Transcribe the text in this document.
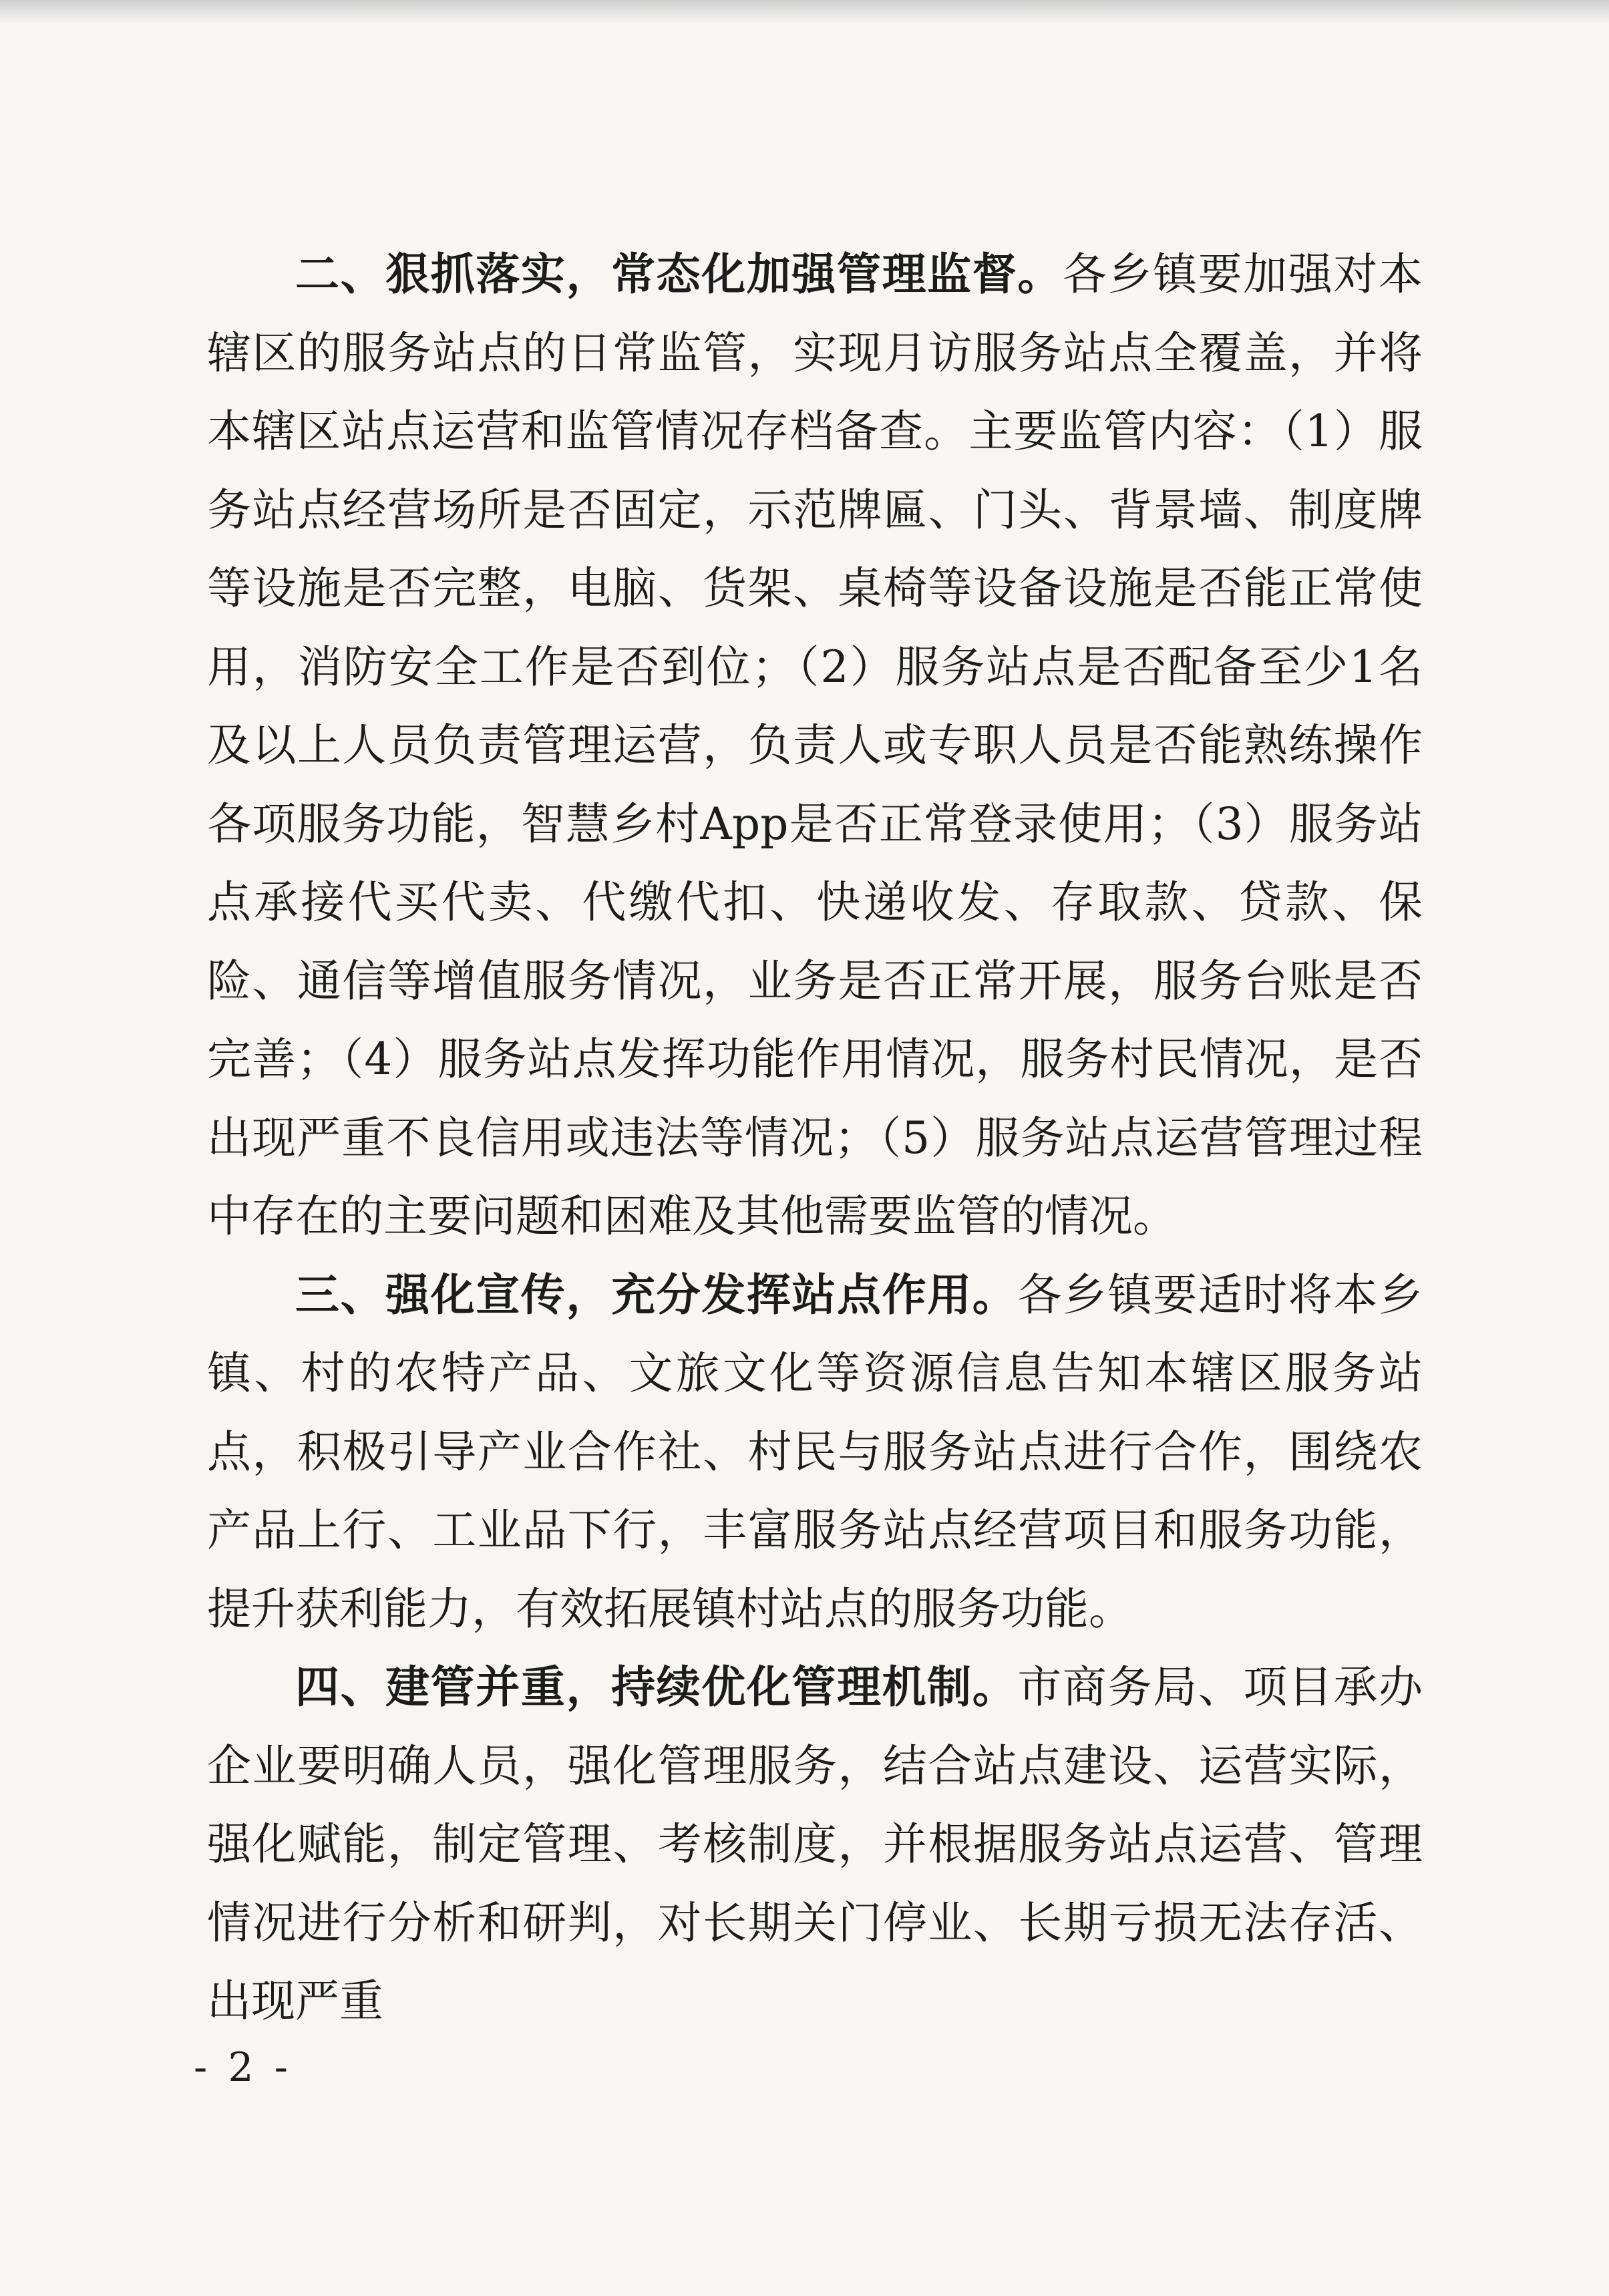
二、狠抓落实，常态化加强管理监督。各乡镇要加强对本辖区的服务站点的日常监管，实现月访服务站点全覆盖，并将本辖区站点运营和监管情况存档备查。主要监管内容：（1）服务站点经营场所是否固定，示范牌匾、门头、背景墙、制度牌等设施是否完整，电脑、货架、桌椅等设备设施是否能正常使用，消防安全工作是否到位；（2）服务站点是否配备至少1名及以上人员负责管理运营，负责人或专职人员是否能熟练操作各项服务功能，智慧乡村App是否正常登录使用；（3）服务站点承接代买代卖、代缴代扣、快递收发、存取款、贷款、保险、通信等增值服务情况，业务是否正常开展，服务台账是否完善；（4）服务站点发挥功能作用情况，服务村民情况，是否出现严重不良信用或违法等情况；（5）服务站点运营管理过程中存在的主要问题和困难及其他需要监管的情况。

三、强化宣传，充分发挥站点作用。各乡镇要适时将本乡镇、村的农特产品、文旅文化等资源信息告知本辖区服务站点，积极引导产业合作社、村民与服务站点进行合作，围绕农产品上行、工业品下行，丰富服务站点经营项目和服务功能，提升获利能力，有效拓展镇村站点的服务功能。

四、建管并重，持续优化管理机制。市商务局、项目承办企业要明确人员，强化管理服务，结合站点建设、运营实际，强化赋能，制定管理、考核制度，并根据服务站点运营、管理情况进行分析和研判，对长期关门停业、长期亏损无法存活、出现严重

- 2 -
